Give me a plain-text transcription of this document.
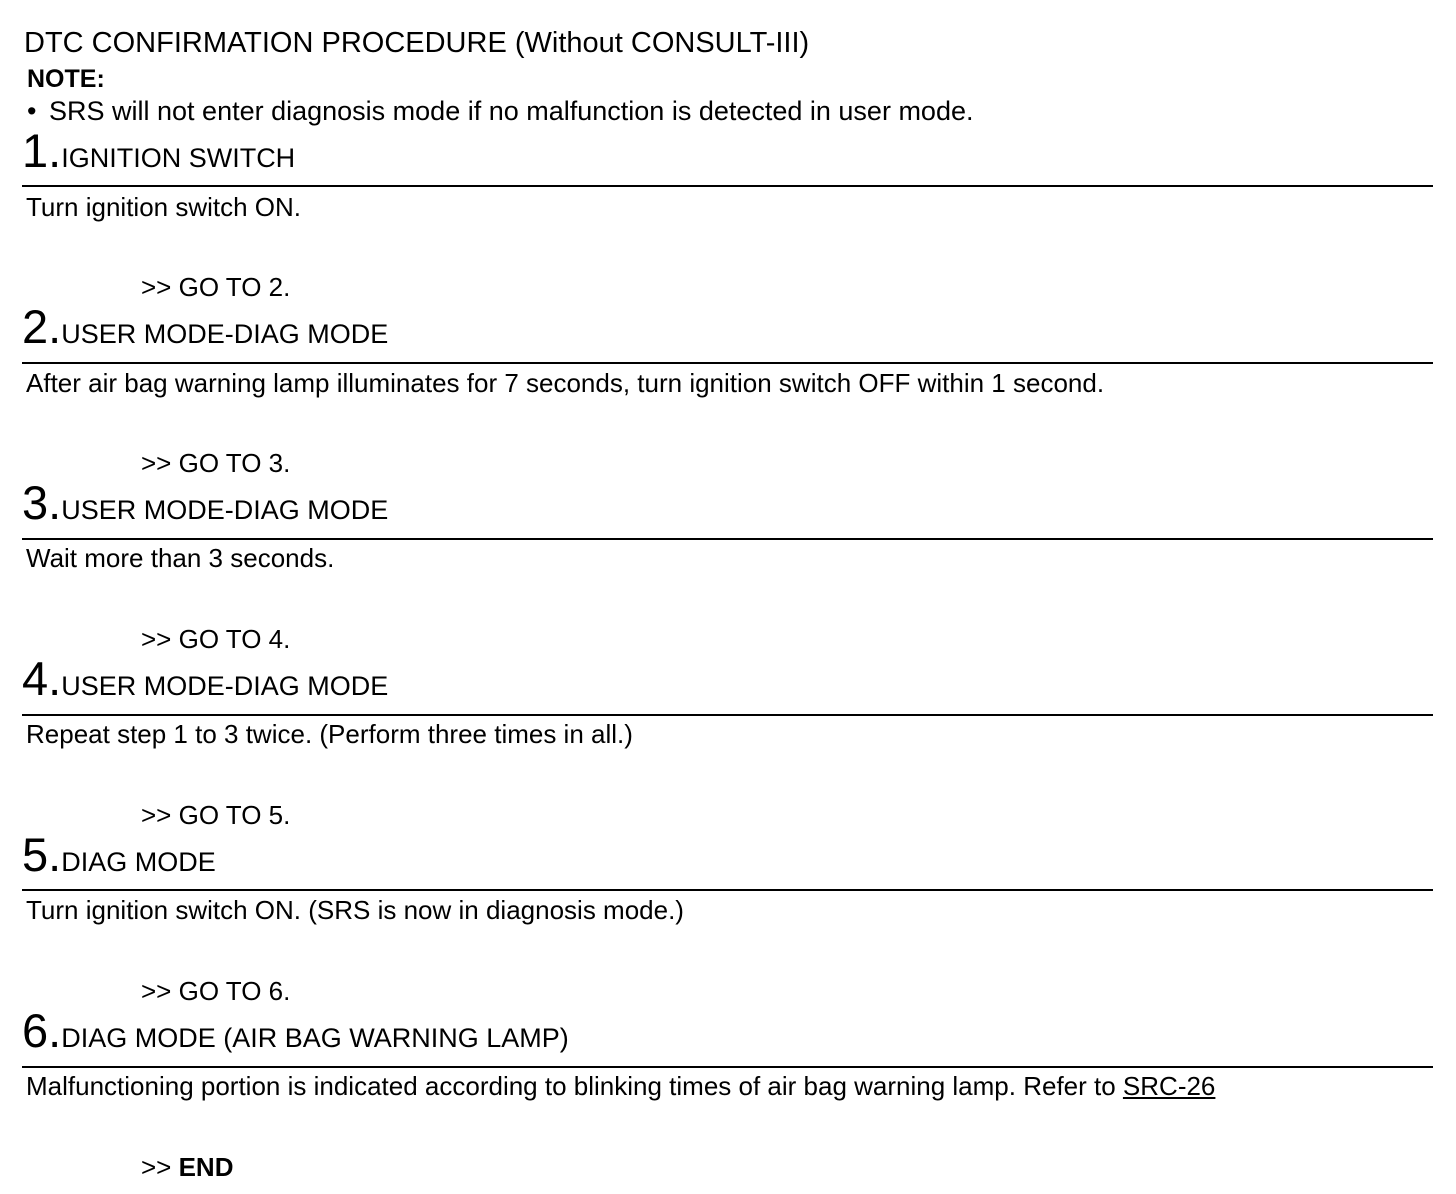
DTC CONFIRMATION PROCEDURE (Without CONSULT-III)
NOTE:
• SRS will not enter diagnosis mode if no malfunction is detected in user mode.
1.IGNITION SWITCH
Turn ignition switch ON.
>> GO TO 2.
2.USER MODE-DIAG MODE
After air bag warning lamp illuminates for 7 seconds, turn ignition switch OFF within 1 second.
>> GO TO 3.
3.USER MODE-DIAG MODE
Wait more than 3 seconds.
>> GO TO 4.
4.USER MODE-DIAG MODE
Repeat step 1 to 3 twice. (Perform three times in all.)
>> GO TO 5.
5.DIAG MODE
Turn ignition switch ON. (SRS is now in diagnosis mode.)
>> GO TO 6.
6.DIAG MODE (AIR BAG WARNING LAMP)
Malfunctioning portion is indicated according to blinking times of air bag warning lamp. Refer to SRC-26
>> END
